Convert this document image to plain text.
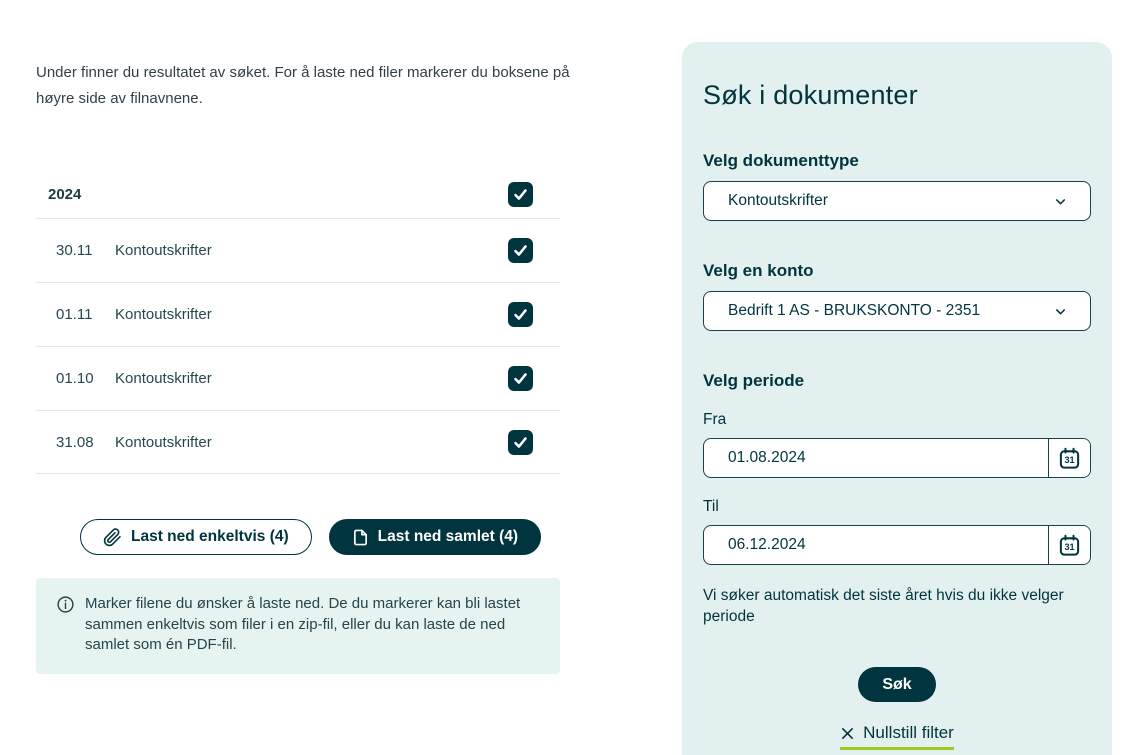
Under finner du resultatet av søket. For å laste ned filer markerer du boksene på høyre side av filnavnene.

2024
30.11 Kontoutskrifter
01.11 Kontoutskrifter
01.10 Kontoutskrifter
31.08 Kontoutskrifter
Last ned enkeltvis (4)	Last ned samlet (4)

Marker filene du ønsker å laste ned. De du markerer kan bli lastet sammen enkeltvis som filer i en zip-fil, eller du kan laste de ned samlet som én PDF-fil.

Søk i dokumenter
Velg dokumenttype
Kontoutskrifter
Velg en konto
Bedrift 1 AS - BRUKSKONTO - 2351
Velg periode
Fra
01.08.2024
31
Til
06.12.2024
31

Vi søker automatisk det siste året hvis du ikke velger periode

Søk
Nullstill filter
